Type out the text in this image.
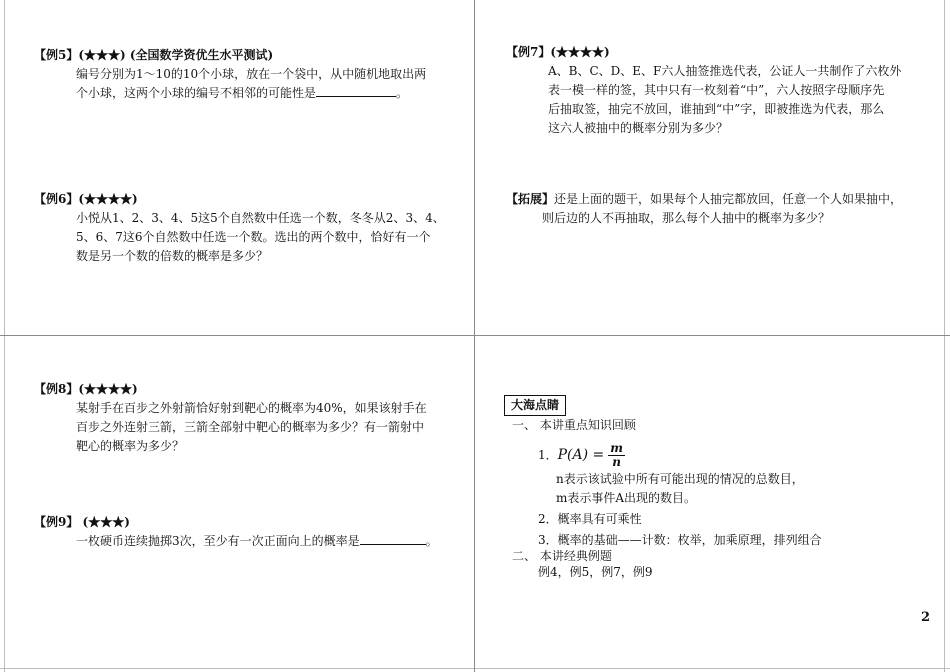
【例5】(★★★) (全国数学资优生水平测试)
编号分别为1～10的10个小球，放在一个袋中，从中随机地取出两
个小球，这两个小球的编号不相邻的可能性是	。
【例6】(★★★★)
小悦从1、2、3、4、5这5个自然数中任选一个数，冬冬从2、3、4、
5、6、7这6个自然数中任选一个数。选出的两个数中，恰好有一个
数是另一个数的倍数的概率是多少？
【例7】(★★★★)
A、B、C、D、E、F六人抽签推选代表，公证人一共制作了六枚外
表一模一样的签，其中只有一枚刻着“中”，六人按照字母顺序先
后抽取签，抽完不放回，谁抽到“中”字，即被推选为代表，那么
这六人被抽中的概率分别为多少？
【拓展】还是上面的题干，如果每个人抽完都放回，任意一个人如果抽中，
则后边的人不再抽取，那么每个人抽中的概率为多少？
【例8】(★★★★)
某射手在百步之外射箭恰好射到靶心的概率为40%，如果该射手在
百步之外连射三箭，三箭全部射中靶心的概率为多少？有一箭射中
靶心的概率为多少？
【例9】 (★★★)
一枚硬币连续抛掷3次，至少有一次正面向上的概率是	。
大海点睛
一、 本讲重点知识回顾
1．$P(A) = \frac{m}{n}$
n表示该试验中所有可能出现的情况的总数目，
m表示事件A出现的数目。
2．概率具有可乘性
3．概率的基础——计数：枚举，加乘原理，排列组合
二、 本讲经典例题
例4，例5，例7，例9
2
